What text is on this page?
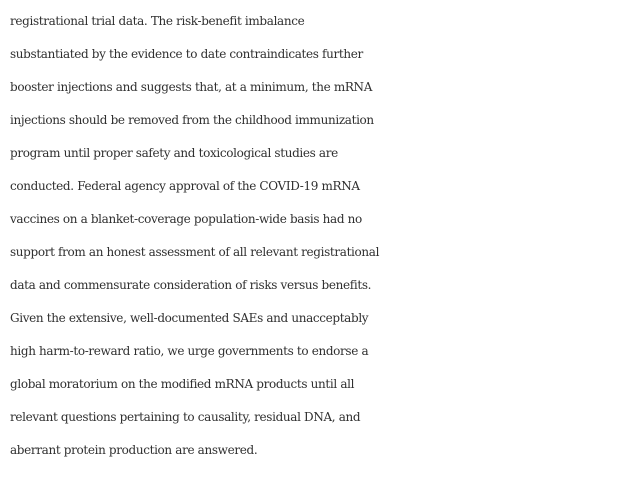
registrational trial data. The risk-benefit imbalance
substantiated by the evidence to date contraindicates further
booster injections and suggests that, at a minimum, the mRNA
injections should be removed from the childhood immunization
program until proper safety and toxicological studies are
conducted. Federal agency approval of the COVID-19 mRNA
vaccines on a blanket-coverage population-wide basis had no
support from an honest assessment of all relevant registrational
data and commensurate consideration of risks versus benefits.
Given the extensive, well-documented SAEs and unacceptably
high harm-to-reward ratio, we urge governments to endorse a
global moratorium on the modified mRNA products until all
relevant questions pertaining to causality, residual DNA, and
aberrant protein production are answered.
